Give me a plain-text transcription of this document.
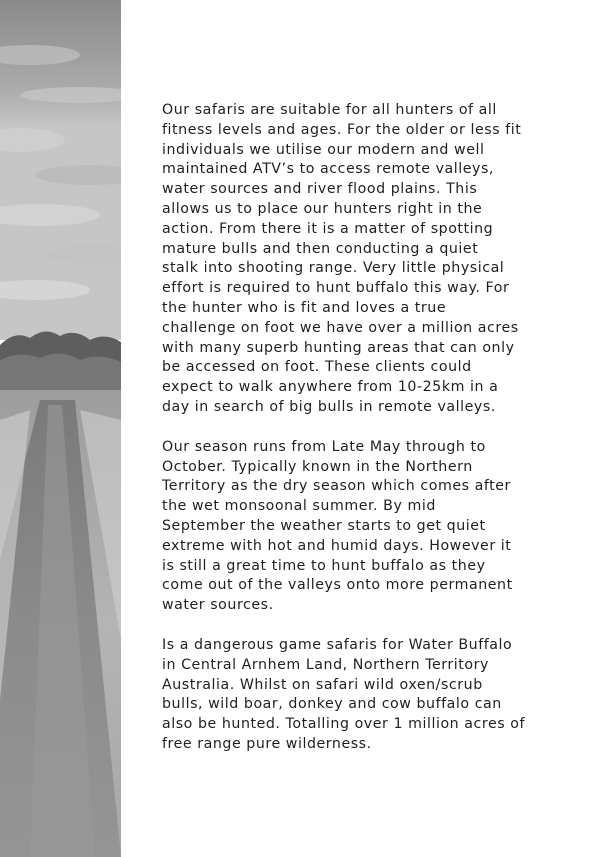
Our safaris are suitable for all hunters of all
fitness levels and ages. For the older or less fit
individuals we utilise our modern and well
maintained ATV’s to access remote valleys,
water sources and river flood plains. This
allows us to place our hunters right in the
action. From there it is a matter of spotting
mature bulls and then conducting a quiet
stalk into shooting range. Very little physical
effort is required to hunt buffalo this way. For
the hunter who is fit and loves a true
challenge on foot we have over a million acres
with many superb hunting areas that can only
be accessed on foot. These clients could
expect to walk anywhere from 10-25km in a
day in search of big bulls in remote valleys.

Our season runs from Late May through to
October. Typically known in the Northern
Territory as the dry season which comes after
the wet monsoonal summer. By mid
September the weather starts to get quiet
extreme with hot and humid days. However it
is still a great time to hunt buffalo as they
come out of the valleys onto more permanent
water sources.

Is a dangerous game safaris for Water Buffalo
in Central Arnhem Land, Northern Territory
Australia. Whilst on safari wild oxen/scrub
bulls, wild boar, donkey and cow buffalo can
also be hunted. Totalling over 1 million acres of
free range pure wilderness.
